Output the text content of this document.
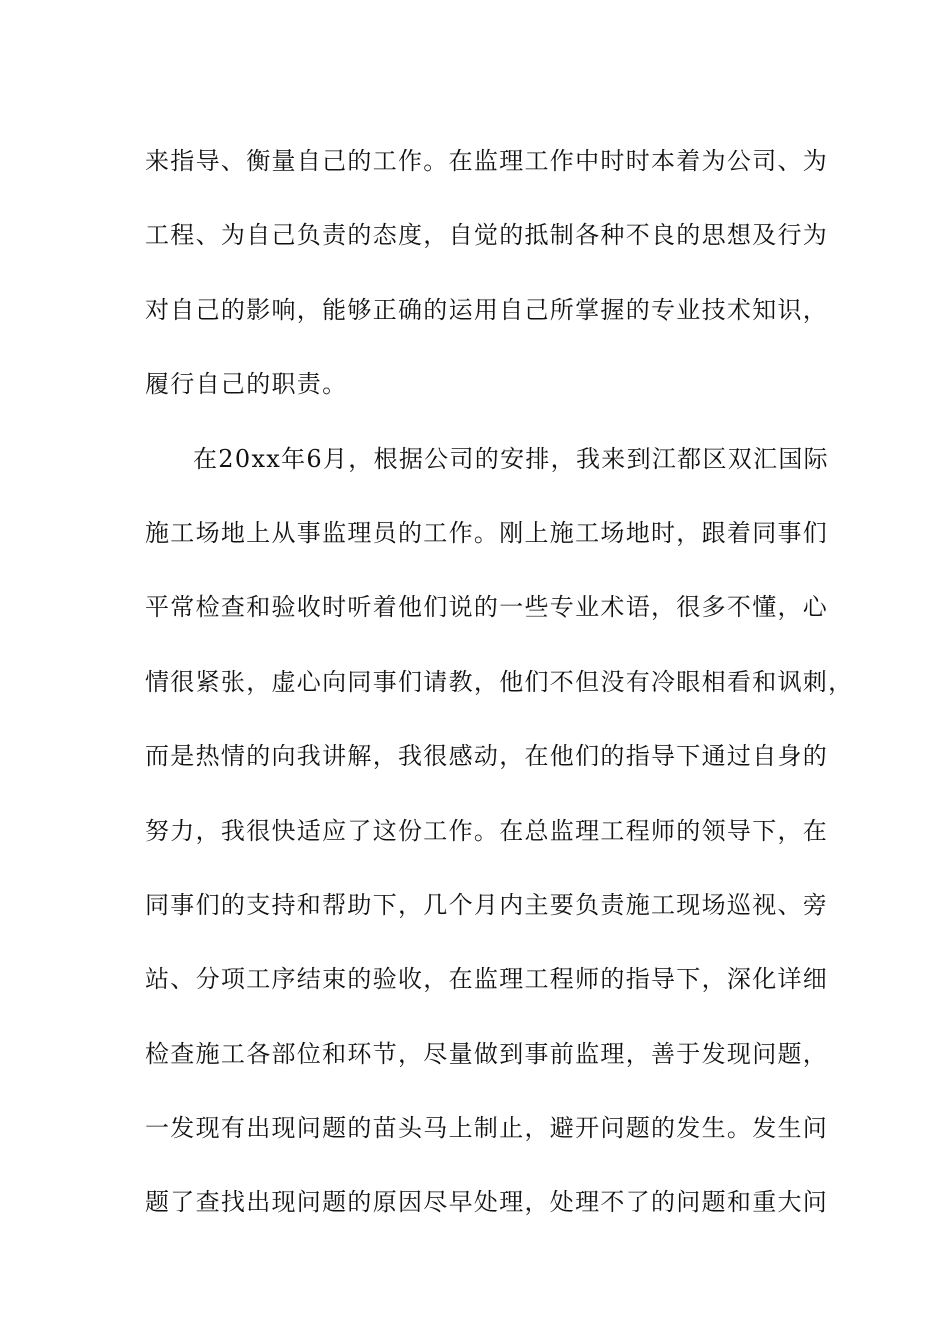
来指导、衡量自己的工作。在监理工作中时时本着为公司、为
工程、为自己负责的态度，自觉的抵制各种不良的思想及行为
对自己的影响，能够正确的运用自己所掌握的专业技术知识，
履行自己的职责。
在20xx年6月，根据公司的安排，我来到江都区双汇国际
施工场地上从事监理员的工作。刚上施工场地时，跟着同事们
平常检查和验收时听着他们说的一些专业术语，很多不懂，心
情很紧张，虚心向同事们请教，他们不但没有冷眼相看和讽刺，
而是热情的向我讲解，我很感动，在他们的指导下通过自身的
努力，我很快适应了这份工作。在总监理工程师的领导下，在
同事们的支持和帮助下，几个月内主要负责施工现场巡视、旁
站、分项工序结束的验收，在监理工程师的指导下，深化详细
检查施工各部位和环节，尽量做到事前监理，善于发现问题，
一发现有出现问题的苗头马上制止，避开问题的发生。发生问
题了查找出现问题的原因尽早处理，处理不了的问题和重大问
